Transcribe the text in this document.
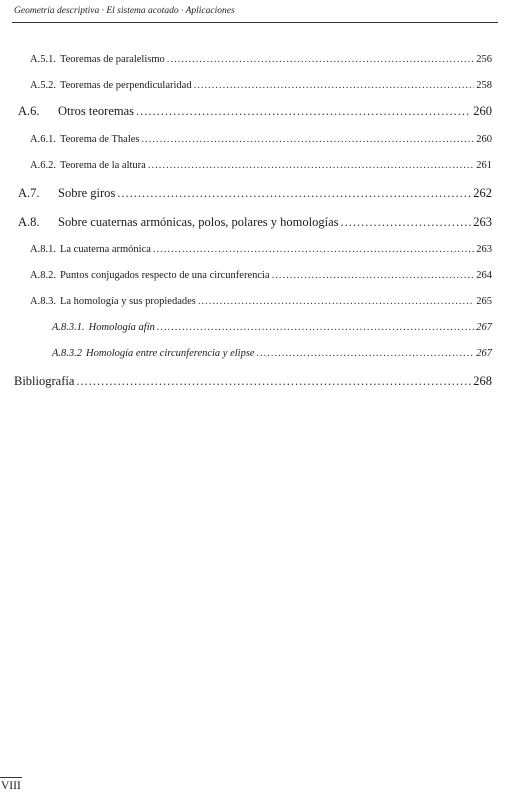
Geometría descriptiva · El sistema acotado · Aplicaciones
A.5.1. Teoremas de paralelismo .....	256
A.5.2. Teoremas de perpendicularidad .....	258
A.6.	Otros teoremas .....	260
A.6.1. Teorema de Thales .....	260
A.6.2. Teorema de la altura .....	261
A.7.	Sobre giros .....	262
A.8.	Sobre cuaternas armónicas, polos, polares y homologías .....	263
A.8.1. La cuaterna armónica .....	263
A.8.2. Puntos conjugados respecto de una circunferencia .....	264
A.8.3. La homología y sus propiedades .....	265
A.8.3.1. Homología afín .....	267
A.8.3.2 Homología entre circunferencia y elipse .....	267
Bibliografía .....	268
VIII
